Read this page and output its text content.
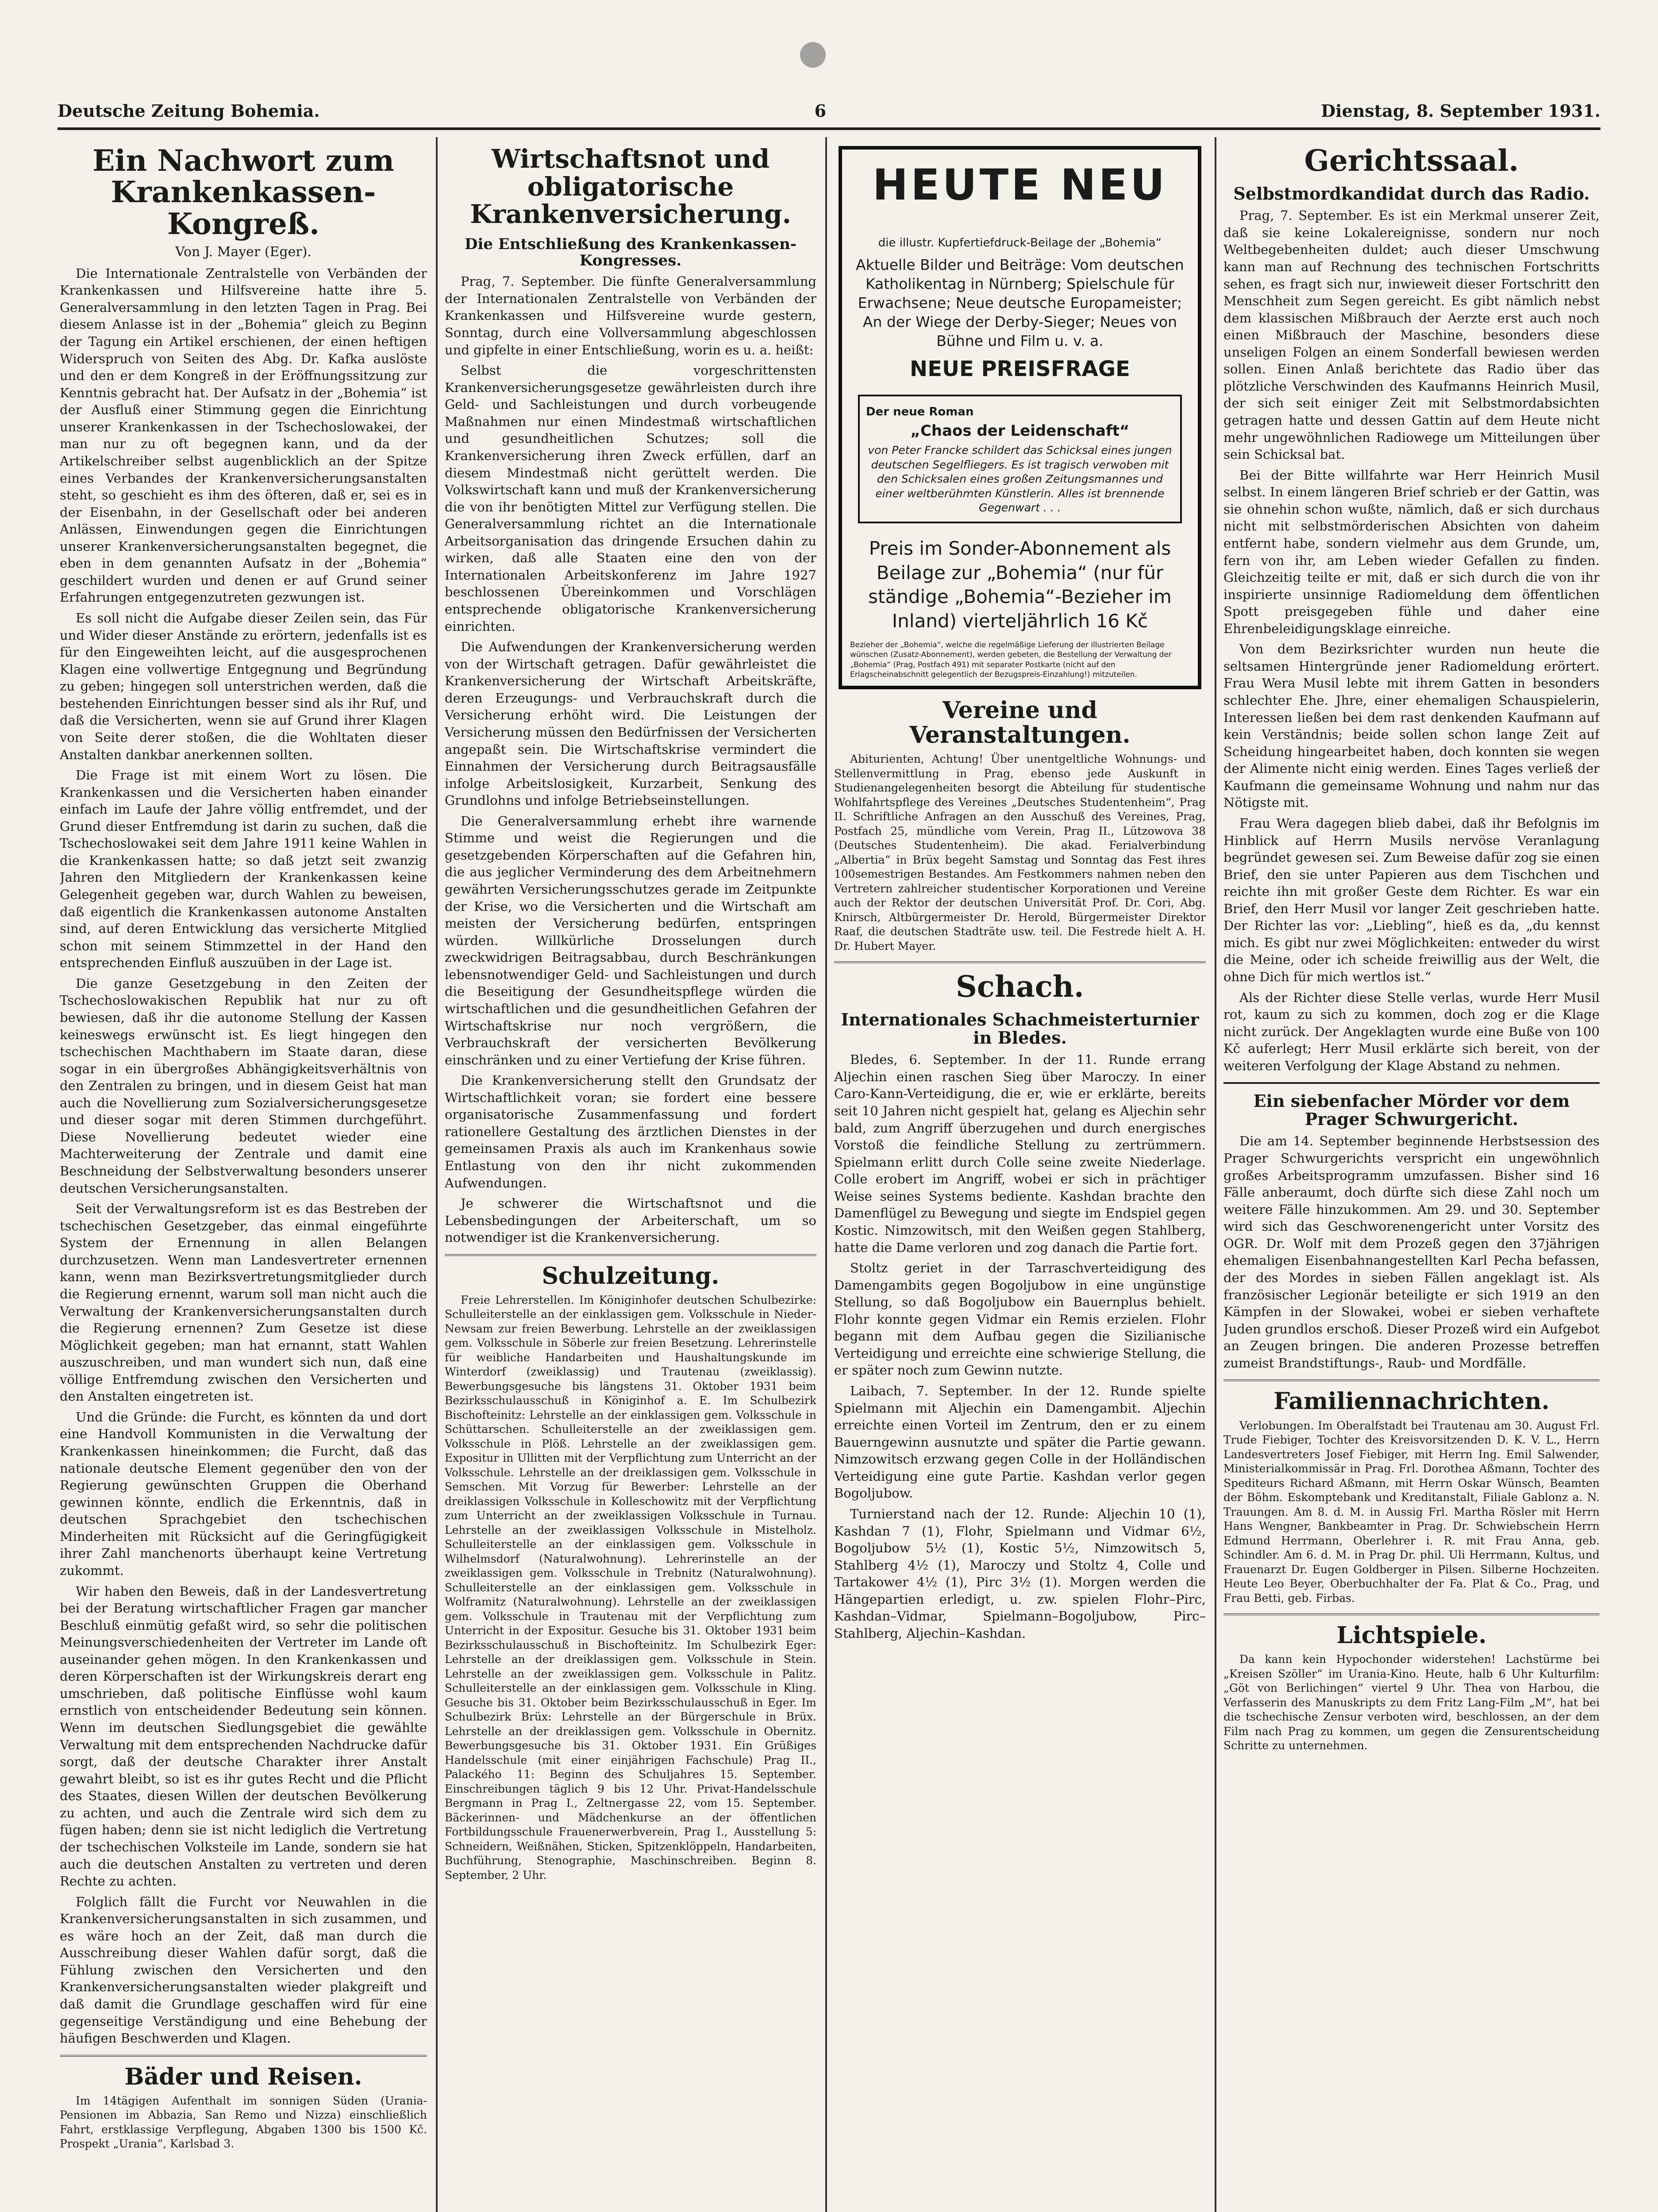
Deutsche Zeitung Bohemia.	6	Dienstag, 8. September 1931.
Ein Nachwort zum Krankenkassen-Kongreß.
Von J. Mayer (Eger).

Die Internationale Zentralstelle von Verbänden der Krankenkassen und Hilfsvereine hatte ihre 5. Generalversammlung in den letzten Tagen in Prag. Bei diesem Anlasse ist in der „Bohemia“ gleich zu Beginn der Tagung ein Artikel erschienen, der einen heftigen Widerspruch von Seiten des Abg. Dr. Kafka auslöste und den er dem Kongreß in der Eröffnungssitzung zur Kenntnis gebracht hat. Der Aufsatz in der „Bohemia“ ist der Ausfluß einer Stimmung gegen die Einrichtung unserer Krankenkassen in der Tschechoslowakei, der man nur zu oft begegnen kann, und da der Artikelschreiber selbst augenblicklich an der Spitze eines Verbandes der Krankenversicherungsanstalten steht, so geschieht es ihm des öfteren, daß er, sei es in der Eisenbahn, in der Gesellschaft oder bei anderen Anlässen, Einwendungen gegen die Einrichtungen unserer Krankenversicherungsanstalten begegnet, die eben in dem genannten Aufsatz in der „Bohemia“ geschildert wurden und denen er auf Grund seiner Erfahrungen entgegenzutreten gezwungen ist.

Es soll nicht die Aufgabe dieser Zeilen sein, das Für und Wider dieser Anstände zu erörtern, jedenfalls ist es für den Eingeweihten leicht, auf die ausgesprochenen Klagen eine vollwertige Entgegnung und Begründung zu geben; hingegen soll unterstrichen werden, daß die bestehenden Einrichtungen besser sind als ihr Ruf, und daß die Versicherten, wenn sie auf Grund ihrer Klagen von Seite derer stoßen, die die Wohltaten dieser Anstalten dankbar anerkennen sollten.

Die Frage ist mit einem Wort zu lösen. Die Krankenkassen und die Versicherten haben einander einfach im Laufe der Jahre völlig entfremdet, und der Grund dieser Entfremdung ist darin zu suchen, daß die Tschechoslowakei seit dem Jahre 1911 keine Wahlen in die Krankenkassen hatte; so daß jetzt seit zwanzig Jahren den Mitgliedern der Krankenkassen keine Gelegenheit gegeben war, durch Wahlen zu beweisen, daß eigentlich die Krankenkassen autonome Anstalten sind, auf deren Entwicklung das versicherte Mitglied schon mit seinem Stimmzettel in der Hand den entsprechenden Einfluß auszuüben in der Lage ist.

Die ganze Gesetzgebung in den Zeiten der Tschechoslowakischen Republik hat nur zu oft bewiesen, daß ihr die autonome Stellung der Kassen keineswegs erwünscht ist. Es liegt hingegen den tschechischen Machthabern im Staate daran, diese sogar in ein übergroßes Abhängigkeitsverhältnis von den Zentralen zu bringen, und in diesem Geist hat man auch die Novellierung zum Sozialversicherungsgesetze und dieser sogar mit deren Stimmen durchgeführt. Diese Novellierung bedeutet wieder eine Machterweiterung der Zentrale und damit eine Beschneidung der Selbstverwaltung besonders unserer deutschen Versicherungsanstalten.

Seit der Verwaltungsreform ist es das Bestreben der tschechischen Gesetzgeber, das einmal eingeführte System der Ernennung in allen Belangen durchzusetzen. Wenn man Landesvertreter ernennen kann, wenn man Bezirksvertretungsmitglieder durch die Regierung ernennt, warum soll man nicht auch die Verwaltung der Krankenversicherungsanstalten durch die Regierung ernennen? Zum Gesetze ist diese Möglichkeit gegeben; man hat ernannt, statt Wahlen auszuschreiben, und man wundert sich nun, daß eine völlige Entfremdung zwischen den Versicherten und den Anstalten eingetreten ist.

Und die Gründe: die Furcht, es könnten da und dort eine Handvoll Kommunisten in die Verwaltung der Krankenkassen hineinkommen; die Furcht, daß das nationale deutsche Element gegenüber den von der Regierung gewünschten Gruppen die Oberhand gewinnen könnte, endlich die Erkenntnis, daß in deutschen Sprachgebiet den tschechischen Minderheiten mit Rücksicht auf die Geringfügigkeit ihrer Zahl manchenorts überhaupt keine Vertretung zukommt.

Wir haben den Beweis, daß in der Landesvertretung bei der Beratung wirtschaftlicher Fragen gar mancher Beschluß einmütig gefaßt wird, so sehr die politischen Meinungsverschiedenheiten der Vertreter im Lande oft auseinander gehen mögen. In den Krankenkassen und deren Körperschaften ist der Wirkungskreis derart eng umschrieben, daß politische Einflüsse wohl kaum ernstlich von entscheidender Bedeutung sein können. Wenn im deutschen Siedlungsgebiet die gewählte Verwaltung mit dem entsprechenden Nachdrucke dafür sorgt, daß der deutsche Charakter ihrer Anstalt gewahrt bleibt, so ist es ihr gutes Recht und die Pflicht des Staates, diesen Willen der deutschen Bevölkerung zu achten, und auch die Zentrale wird sich dem zu fügen haben; denn sie ist nicht lediglich die Vertretung der tschechischen Volksteile im Lande, sondern sie hat auch die deutschen Anstalten zu vertreten und deren Rechte zu achten.

Folglich fällt die Furcht vor Neuwahlen in die Krankenversicherungsanstalten in sich zusammen, und es wäre hoch an der Zeit, daß man durch die Ausschreibung dieser Wahlen dafür sorgt, daß die Fühlung zwischen den Versicherten und den Krankenversicherungsanstalten wieder plakgreift und daß damit die Grundlage geschaffen wird für eine gegenseitige Verständigung und eine Behebung der häufigen Beschwerden und Klagen.

Bäder und Reisen.

Im 14tägigen Aufenthalt im sonnigen Süden (Urania-Pensionen im Abbazia, San Remo und Nizza) einschließlich Fahrt, erstklassige Verpflegung, Abgaben 1300 bis 1500 Kč. Prospekt „Urania“, Karlsbad 3.

Wirtschaftsnot und obligatorische Krankenversicherung.
Die Entschließung des Krankenkassen-Kongresses.

Prag, 7. September. Die fünfte Generalversammlung der Internationalen Zentralstelle von Verbänden der Krankenkassen und Hilfsvereine wurde gestern, Sonntag, durch eine Vollversammlung abgeschlossen und gipfelte in einer Entschließung, worin es u. a. heißt:

Selbst die vorgeschrittensten Krankenversicherungsgesetze gewährleisten durch ihre Geld- und Sachleistungen und durch vorbeugende Maßnahmen nur einen Mindestmaß wirtschaftlichen und gesundheitlichen Schutzes; soll die Krankenversicherung ihren Zweck erfüllen, darf an diesem Mindestmaß nicht gerüttelt werden. Die Volkswirtschaft kann und muß der Krankenversicherung die von ihr benötigten Mittel zur Verfügung stellen. Die Generalversammlung richtet an die Internationale Arbeitsorganisation das dringende Ersuchen dahin zu wirken, daß alle Staaten eine den von der Internationalen Arbeitskonferenz im Jahre 1927 beschlossenen Übereinkommen und Vorschlägen entsprechende obligatorische Krankenversicherung einrichten.

Die Aufwendungen der Krankenversicherung werden von der Wirtschaft getragen. Dafür gewährleistet die Krankenversicherung der Wirtschaft Arbeitskräfte, deren Erzeugungs- und Verbrauchskraft durch die Versicherung erhöht wird. Die Leistungen der Versicherung müssen den Bedürfnissen der Versicherten angepaßt sein. Die Wirtschaftskrise vermindert die Einnahmen der Versicherung durch Beitragsausfälle infolge Arbeitslosigkeit, Kurzarbeit, Senkung des Grundlohns und infolge Betriebseinstellungen.

Die Generalversammlung erhebt ihre warnende Stimme und weist die Regierungen und die gesetzgebenden Körperschaften auf die Gefahren hin, die aus jeglicher Verminderung des dem Arbeitnehmern gewährten Versicherungsschutzes gerade im Zeitpunkte der Krise, wo die Versicherten und die Wirtschaft am meisten der Versicherung bedürfen, entspringen würden. Willkürliche Drosselungen durch zweckwidrigen Beitragsabbau, durch Beschränkungen lebensnotwendiger Geld- und Sachleistungen und durch die Beseitigung der Gesundheitspflege würden die wirtschaftlichen und die gesundheitlichen Gefahren der Wirtschaftskrise nur noch vergrößern, die Verbrauchskraft der versicherten Bevölkerung einschränken und zu einer Vertiefung der Krise führen.

Die Krankenversicherung stellt den Grundsatz der Wirtschaftlichkeit voran; sie fordert eine bessere organisatorische Zusammenfassung und fordert rationellere Gestaltung des ärztlichen Dienstes in der gemeinsamen Praxis als auch im Krankenhaus sowie Entlastung von den ihr nicht zukommenden Aufwendungen.

Je schwerer die Wirtschaftsnot und die Lebensbedingungen der Arbeiterschaft, um so notwendiger ist die Krankenversicherung.

Schulzeitung.

Freie Lehrerstellen. Im Königinhofer deutschen Schulbezirke: Schulleiterstelle an der einklassigen gem. Volksschule in Nieder-Newsam zur freien Bewerbung. Lehrstelle an der zweiklassigen gem. Volksschule in Söberle zur freien Besetzung. Lehrerinstelle für weibliche Handarbeiten und Haushaltungskunde im Winterdorf (zweiklassig) und Trautenau (zweiklassig). Bewerbungsgesuche bis längstens 31. Oktober 1931 beim Bezirksschulausschuß in Königinhof a. E. Im Schulbezirk Bischofteinitz: Lehrstelle an der einklassigen gem. Volksschule in Schüttarschen. Schulleiterstelle an der zweiklassigen gem. Volksschule in Plöß. Lehrstelle an der zweiklassigen gem. Expositur in Ullitten mit der Verpflichtung zum Unterricht an der Volksschule. Lehrstelle an der dreiklassigen gem. Volksschule in Semschen. Mit Vorzug für Bewerber: Lehrstelle an der dreiklassigen Volksschule in Kolleschowitz mit der Verpflichtung zum Unterricht an der zweiklassigen Volksschule in Turnau. Lehrstelle an der zweiklassigen Volksschule in Mistelholz. Schulleiterstelle an der einklassigen gem. Volksschule in Wilhelmsdorf (Naturalwohnung). Lehrerinstelle an der zweiklassigen gem. Volksschule in Trebnitz (Naturalwohnung). Schulleiterstelle an der einklassigen gem. Volksschule in Wolframitz (Naturalwohnung). Lehrstelle an der zweiklassigen gem. Volksschule in Trautenau mit der Verpflichtung zum Unterricht in der Expositur. Gesuche bis 31. Oktober 1931 beim Bezirksschulausschuß in Bischofteinitz. Im Schulbezirk Eger: Lehrstelle an der dreiklassigen gem. Volksschule in Stein. Lehrstelle an der zweiklassigen gem. Volksschule in Palitz. Schulleiterstelle an der einklassigen gem. Volksschule in Kling. Gesuche bis 31. Oktober beim Bezirksschulausschuß in Eger. Im Schulbezirk Brüx: Lehrstelle an der Bürgerschule in Brüx. Lehrstelle an der dreiklassigen gem. Volksschule in Obernitz. Bewerbungsgesuche bis 31. Oktober 1931. Ein Grüßiges Handelsschule (mit einer einjährigen Fachschule) Prag II., Palackého 11: Beginn des Schuljahres 15. September. Einschreibungen täglich 9 bis 12 Uhr. Privat-Handelsschule Bergmann in Prag I., Zeltnergasse 22, vom 15. September. Bäckerinnen- und Mädchenkurse an der öffentlichen Fortbildungsschule Frauenerwerbverein, Prag I., Ausstellung 5: Schneidern, Weißnähen, Sticken, Spitzenklöppeln, Handarbeiten, Buchführung, Stenographie, Maschinschreiben. Beginn 8. September, 2 Uhr.

HEUTE NEU
die illustr. Kupfertiefdruck-Beilage der „Bohemia“
Aktuelle Bilder und Beiträge: Vom deutschen Katholikentag in Nürnberg; Spielschule für Erwachsene; Neue deutsche Europameister; An der Wiege der Derby-Sieger; Neues von Bühne und Film u. v. a.
NEUE PREISFRAGE
Der neue Roman
„Chaos der Leidenschaft“
von Peter Francke schildert das Schicksal eines jungen deutschen Segelfliegers. Es ist tragisch verwoben mit den Schicksalen eines großen Zeitungsmannes und einer weltberühmten Künstlerin. Alles ist brennende Gegenwart . . .
Preis im Sonder-Abonnement als Beilage zur „Bohemia“ (nur für ständige „Bohemia“-Bezieher im Inland) vierteljährlich 16 Kč
Bezieher der „Bohemia“, welche die regelmäßige Lieferung der illustrierten Beilage wünschen (Zusatz-Abonnement), werden gebeten, die Bestellung der Verwaltung der „Bohemia“ (Prag, Postfach 491) mit separater Postkarte (nicht auf den Erlagscheinabschnitt gelegentlich der Bezugspreis-Einzahlung!) mitzuteilen.
Vereine und Veranstaltungen.

Abiturienten, Achtung! Über unentgeltliche Wohnungs- und Stellenvermittlung in Prag, ebenso jede Auskunft in Studienangelegenheiten besorgt die Abteilung für studentische Wohlfahrtspflege des Vereines „Deutsches Studentenheim“, Prag II. Schriftliche Anfragen an den Ausschuß des Vereines, Prag, Postfach 25, mündliche vom Verein, Prag II., Lützowova 38 (Deutsches Studentenheim). Die akad. Ferialverbindung „Albertia“ in Brüx begeht Samstag und Sonntag das Fest ihres 100semestrigen Bestandes. Am Festkommers nahmen neben den Vertretern zahlreicher studentischer Korporationen und Vereine auch der Rektor der deutschen Universität Prof. Dr. Cori, Abg. Knirsch, Altbürgermeister Dr. Herold, Bürgermeister Direktor Raaf, die deutschen Stadträte usw. teil. Die Festrede hielt A. H. Dr. Hubert Mayer.

Schach.
Internationales Schachmeisterturnier in Bledes.

Bledes, 6. September. In der 11. Runde errang Aljechin einen raschen Sieg über Maroczy. In einer Caro-Kann-Verteidigung, die er, wie er erklärte, bereits seit 10 Jahren nicht gespielt hat, gelang es Aljechin sehr bald, zum Angriff überzugehen und durch energisches Vorstoß die feindliche Stellung zu zertrümmern. Spielmann erlitt durch Colle seine zweite Niederlage. Colle erobert im Angriff, wobei er sich in prächtiger Weise seines Systems bediente. Kashdan brachte den Damenflügel zu Bewegung und siegte im Endspiel gegen Kostic. Nimzowitsch, mit den Weißen gegen Stahlberg, hatte die Dame verloren und zog danach die Partie fort.

Stoltz geriet in der Tarraschverteidigung des Damengambits gegen Bogoljubow in eine ungünstige Stellung, so daß Bogoljubow ein Bauernplus behielt. Flohr konnte gegen Vidmar ein Remis erzielen. Flohr begann mit dem Aufbau gegen die Sizilianische Verteidigung und erreichte eine schwierige Stellung, die er später noch zum Gewinn nutzte.

Laibach, 7. September. In der 12. Runde spielte Spielmann mit Aljechin ein Damengambit. Aljechin erreichte einen Vorteil im Zentrum, den er zu einem Bauerngewinn ausnutzte und später die Partie gewann. Nimzowitsch erzwang gegen Colle in der Holländischen Verteidigung eine gute Partie. Kashdan verlor gegen Bogoljubow.

Turnierstand nach der 12. Runde: Aljechin 10 (1), Kashdan 7 (1), Flohr, Spielmann und Vidmar 6½, Bogoljubow 5½ (1), Kostic 5½, Nimzowitsch 5, Stahlberg 4½ (1), Maroczy und Stoltz 4, Colle und Tartakower 4½ (1), Pirc 3½ (1). Morgen werden die Hängepartien erledigt, u. zw. spielen Flohr–Pirc, Kashdan–Vidmar, Spielmann–Bogoljubow, Pirc–Stahlberg, Aljechin–Kashdan.

Gerichtssaal.
Selbstmordkandidat durch das Radio.

Prag, 7. September. Es ist ein Merkmal unserer Zeit, daß sie keine Lokalereignisse, sondern nur noch Weltbegebenheiten duldet; auch dieser Umschwung kann man auf Rechnung des technischen Fortschritts sehen, es fragt sich nur, inwieweit dieser Fortschritt den Menschheit zum Segen gereicht. Es gibt nämlich nebst dem klassischen Mißbrauch der Aerzte erst auch noch einen Mißbrauch der Maschine, besonders diese unseligen Folgen an einem Sonderfall bewiesen werden sollen. Einen Anlaß berichtete das Radio über das plötzliche Verschwinden des Kaufmanns Heinrich Musil, der sich seit einiger Zeit mit Selbstmordabsichten getragen hatte und dessen Gattin auf dem Heute nicht mehr ungewöhnlichen Radiowege um Mitteilungen über sein Schicksal bat.

Bei der Bitte willfahrte war Herr Heinrich Musil selbst. In einem längeren Brief schrieb er der Gattin, was sie ohnehin schon wußte, nämlich, daß er sich durchaus nicht mit selbstmörderischen Absichten von daheim entfernt habe, sondern vielmehr aus dem Grunde, um, fern von ihr, am Leben wieder Gefallen zu finden. Gleichzeitig teilte er mit, daß er sich durch die von ihr inspirierte unsinnige Radiomeldung dem öffentlichen Spott preisgegeben fühle und daher eine Ehrenbeleidigungsklage einreiche.

Von dem Bezirksrichter wurden nun heute die seltsamen Hintergründe jener Radiomeldung erörtert. Frau Wera Musil lebte mit ihrem Gatten in besonders schlechter Ehe. Jhre, einer ehemaligen Schauspielerin, Interessen ließen bei dem rast denkenden Kaufmann auf kein Verständnis; beide sollen schon lange Zeit auf Scheidung hingearbeitet haben, doch konnten sie wegen der Alimente nicht einig werden. Eines Tages verließ der Kaufmann die gemeinsame Wohnung und nahm nur das Nötigste mit.

Frau Wera dagegen blieb dabei, daß ihr Befolgnis im Hinblick auf Herrn Musils nervöse Veranlagung begründet gewesen sei. Zum Beweise dafür zog sie einen Brief, den sie unter Papieren aus dem Tischchen und reichte ihn mit großer Geste dem Richter. Es war ein Brief, den Herr Musil vor langer Zeit geschrieben hatte. Der Richter las vor: „Liebling“, hieß es da, „du kennst mich. Es gibt nur zwei Möglichkeiten: entweder du wirst die Meine, oder ich scheide freiwillig aus der Welt, die ohne Dich für mich wertlos ist.“

Als der Richter diese Stelle verlas, wurde Herr Musil rot, kaum zu sich zu kommen, doch zog er die Klage nicht zurück. Der Angeklagten wurde eine Buße von 100 Kč auferlegt; Herr Musil erklärte sich bereit, von der weiteren Verfolgung der Klage Abstand zu nehmen.

Ein siebenfacher Mörder vor dem Prager Schwurgericht.

Die am 14. September beginnende Herbstsession des Prager Schwurgerichts verspricht ein ungewöhnlich großes Arbeitsprogramm umzufassen. Bisher sind 16 Fälle anberaumt, doch dürfte sich diese Zahl noch um weitere Fälle hinzukommen. Am 29. und 30. September wird sich das Geschworenengericht unter Vorsitz des OGR. Dr. Wolf mit dem Prozeß gegen den 37jährigen ehemaligen Eisenbahnangestellten Karl Pecha befassen, der des Mordes in sieben Fällen angeklagt ist. Als französischer Legionär beteiligte er sich 1919 an den Kämpfen in der Slowakei, wobei er sieben verhaftete Juden grundlos erschoß. Dieser Prozeß wird ein Aufgebot an Zeugen bringen. Die anderen Prozesse betreffen zumeist Brandstiftungs-, Raub- und Mordfälle.

Familiennachrichten.

Verlobungen. Im Oberalfstadt bei Trautenau am 30. August Frl. Trude Fiebiger, Tochter des Kreisvorsitzenden D. K. V. L., Herrn Landesvertreters Josef Fiebiger, mit Herrn Ing. Emil Salwender, Ministerialkommissär in Prag. Frl. Dorothea Aßmann, Tochter des Spediteurs Richard Aßmann, mit Herrn Oskar Wünsch, Beamten der Böhm. Eskomptebank und Kreditanstalt, Filiale Gablonz a. N. Trauungen. Am 8. d. M. in Aussig Frl. Martha Rösler mit Herrn Hans Wengner, Bankbeamter in Prag. Dr. Schwiebschein Herrn Edmund Herrmann, Oberlehrer i. R. mit Frau Anna, geb. Schindler. Am 6. d. M. in Prag Dr. phil. Uli Herrmann, Kultus, und Frauenarzt Dr. Eugen Goldberger in Pilsen. Silberne Hochzeiten. Heute Leo Beyer, Oberbuchhalter der Fa. Plat & Co., Prag, und Frau Betti, geb. Firbas.

Lichtspiele.

Da kann kein Hypochonder widerstehen! Lachstürme bei „Kreisen Szöller“ im Urania-Kino. Heute, halb 6 Uhr Kulturfilm: „Göt von Berlichingen“ viertel 9 Uhr. Thea von Harbou, die Verfasserin des Manuskripts zu dem Fritz Lang-Film „M“, hat bei die tschechische Zensur verboten wird, beschlossen, an der dem Film nach Prag zu kommen, um gegen die Zensurentscheidung Schritte zu unternehmen.
